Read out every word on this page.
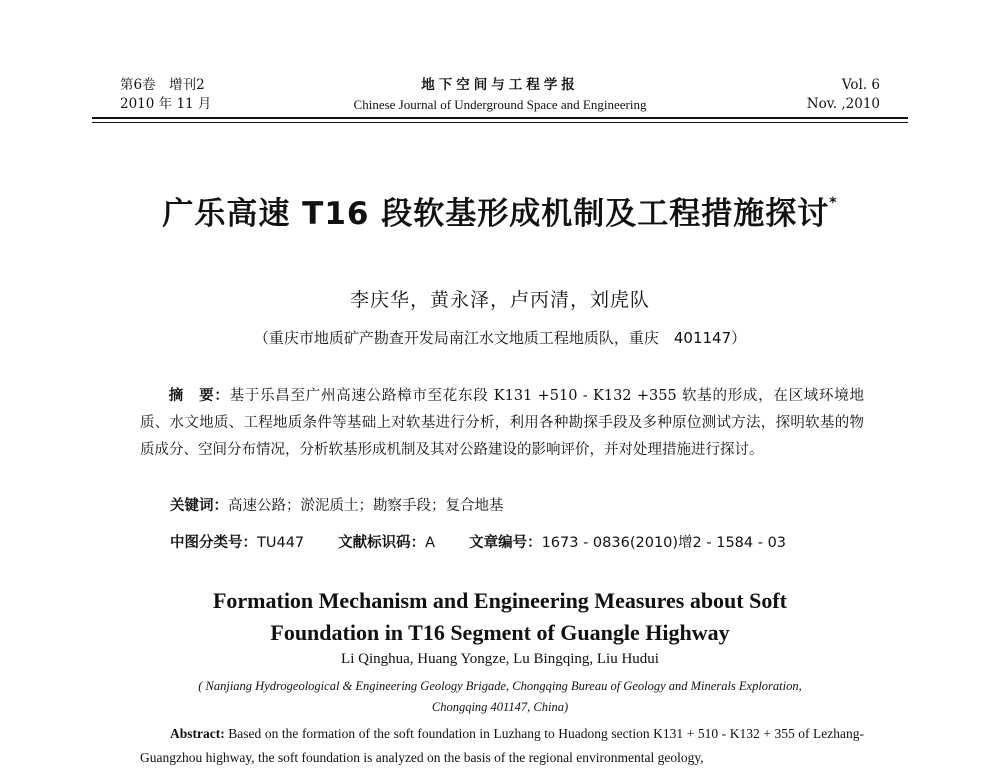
第6卷　增刊2
2010 年 11 月
地下空间与工程学报
Chinese Journal of Underground Space and Engineering
Vol. 6
Nov. ,2010
广乐高速 T16 段软基形成机制及工程措施探讨*
李庆华，黄永泽，卢丙清，刘虎队
（重庆市地质矿产勘查开发局南江水文地质工程地质队，重庆　401147）
摘　要：基于乐昌至广州高速公路樟市至花东段 K131 +510 - K132 +355 软基的形成，在区域环境地质、水文地质、工程地质条件等基础上对软基进行分析，利用各种勘探手段及多种原位测试方法，探明软基的物质成分、空间分布情况，分析软基形成机制及其对公路建设的影响评价，并对处理措施进行探讨。
关键词：高速公路；淤泥质土；勘察手段；复合地基
中图分类号：TU447 文献标识码：A 文章编号：1673 - 0836(2010)增2 - 1584 - 03
Formation Mechanism and Engineering Measures about Soft
Foundation in T16 Segment of Guangle Highway
Li Qinghua, Huang Yongze, Lu Bingqing, Liu Hudui
( Nanjiang Hydrogeological & Engineering Geology Brigade, Chongqing Bureau of Geology and Minerals Exploration,
Chongqing 401147, China)
Abstract: Based on the formation of the soft foundation in Luzhang to Huadong section K131 + 510 - K132 + 355 of Lezhang-Guangzhou highway, the soft foundation is analyzed on the basis of the regional environmental geology,
